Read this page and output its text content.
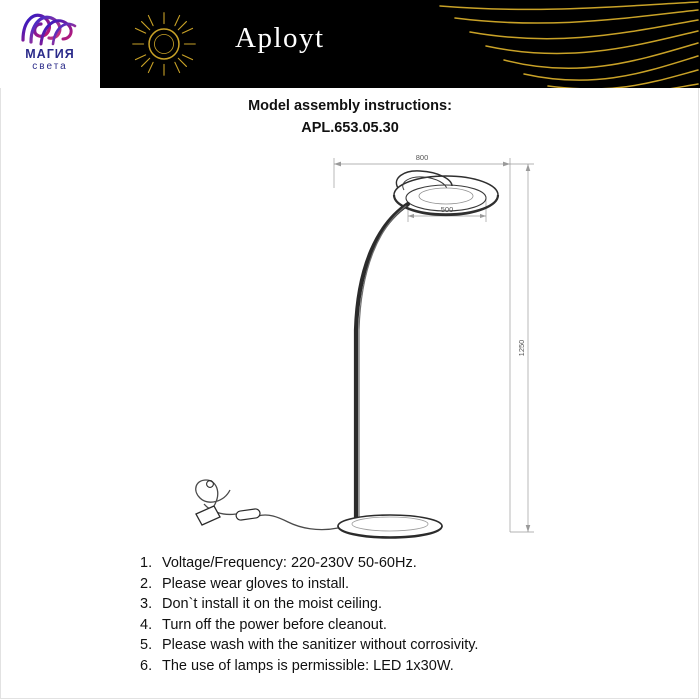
МАГИЯ
света
Aployt
Model assembly instructions:
APL.653.05.30
800
500
1250
1. Voltage/Frequency: 220-230V 50-60Hz.
2. Please wear gloves to install.
3. Don`t install it on the moist ceiling.
4. Turn off the power before cleanout.
5. Please wash with the sanitizer without corrosivity.
6. The use of lamps is permissible: LED 1x30W.
